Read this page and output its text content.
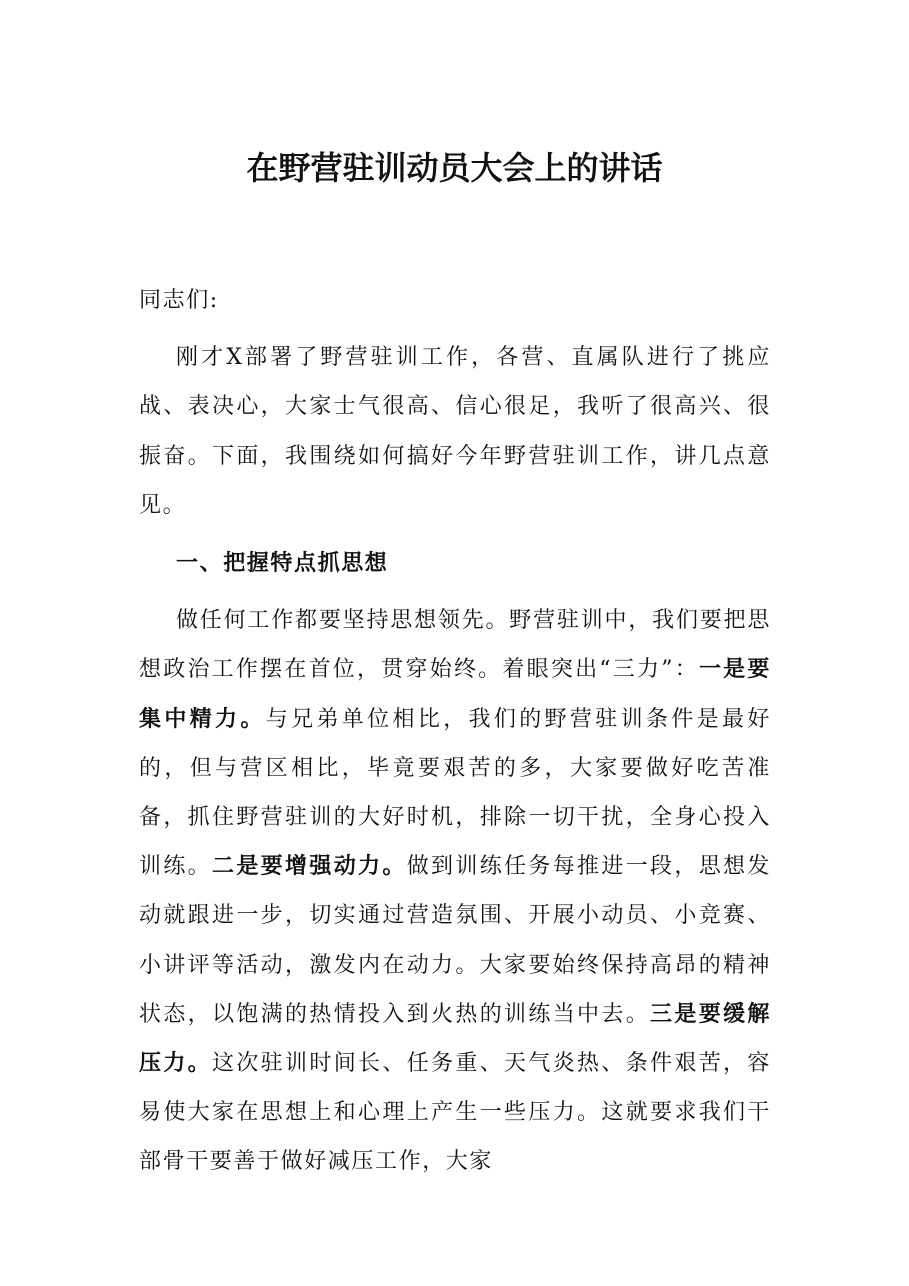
在野营驻训动员大会上的讲话

同志们:

刚才X部署了野营驻训工作，各营、直属队进行了挑应战、表决心，大家士气很高、信心很足，我听了很高兴、很振奋。下面，我围绕如何搞好今年野营驻训工作，讲几点意见。

一、把握特点抓思想

做任何工作都要坚持思想领先。野营驻训中，我们要把思想政治工作摆在首位，贯穿始终。着眼突出“三力”：一是要集中精力。与兄弟单位相比，我们的野营驻训条件是最好的，但与营区相比，毕竟要艰苦的多，大家要做好吃苦准备，抓住野营驻训的大好时机，排除一切干扰，全身心投入训练。二是要增强动力。做到训练任务每推进一段，思想发动就跟进一步，切实通过营造氛围、开展小动员、小竞赛、小讲评等活动，激发内在动力。大家要始终保持高昂的精神状态，以饱满的热情投入到火热的训练当中去。三是要缓解压力。这次驻训时间长、任务重、天气炎热、条件艰苦，容易使大家在思想上和心理上产生一些压力。这就要求我们干部骨干要善于做好减压工作，大家
